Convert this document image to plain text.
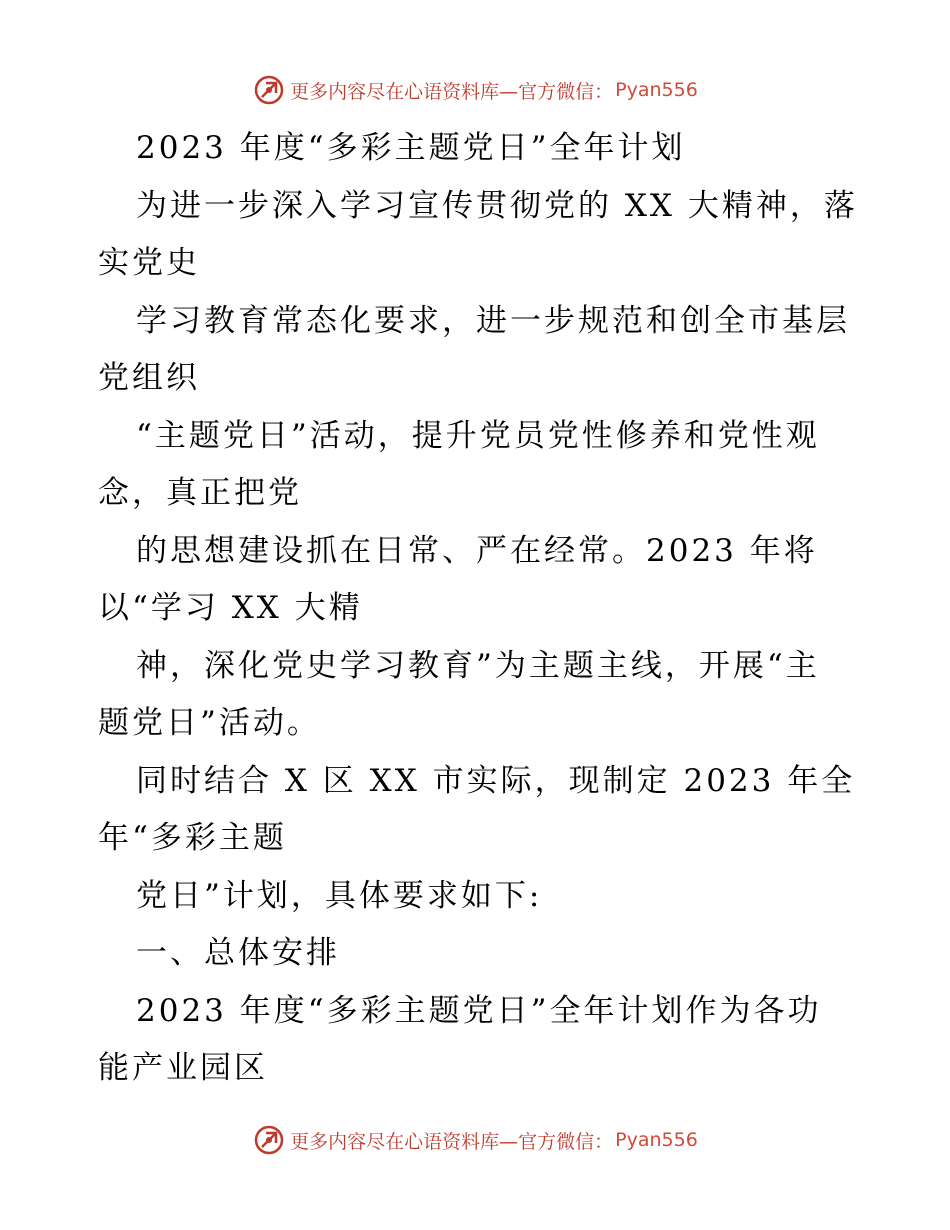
更多内容尽在心语资料库—官方微信： Pyan556
2023 年度“多彩主题党日”全年计划
为进一步深入学习宣传贯彻党的 XX 大精神，落
实党史
学习教育常态化要求，进一步规范和创全市基层
党组织
“主题党日”活动，提升党员党性修养和党性观
念，真正把党
的思想建设抓在日常、严在经常。2023 年将
以“学习 XX 大精
神，深化党史学习教育”为主题主线，开展“主
题党日”活动。
同时结合 X 区 XX 市实际，现制定 2023 年全
年“多彩主题
党日”计划，具体要求如下:
一、总体安排
2023 年度“多彩主题党日”全年计划作为各功
能产业园区
更多内容尽在心语资料库—官方微信： Pyan556
